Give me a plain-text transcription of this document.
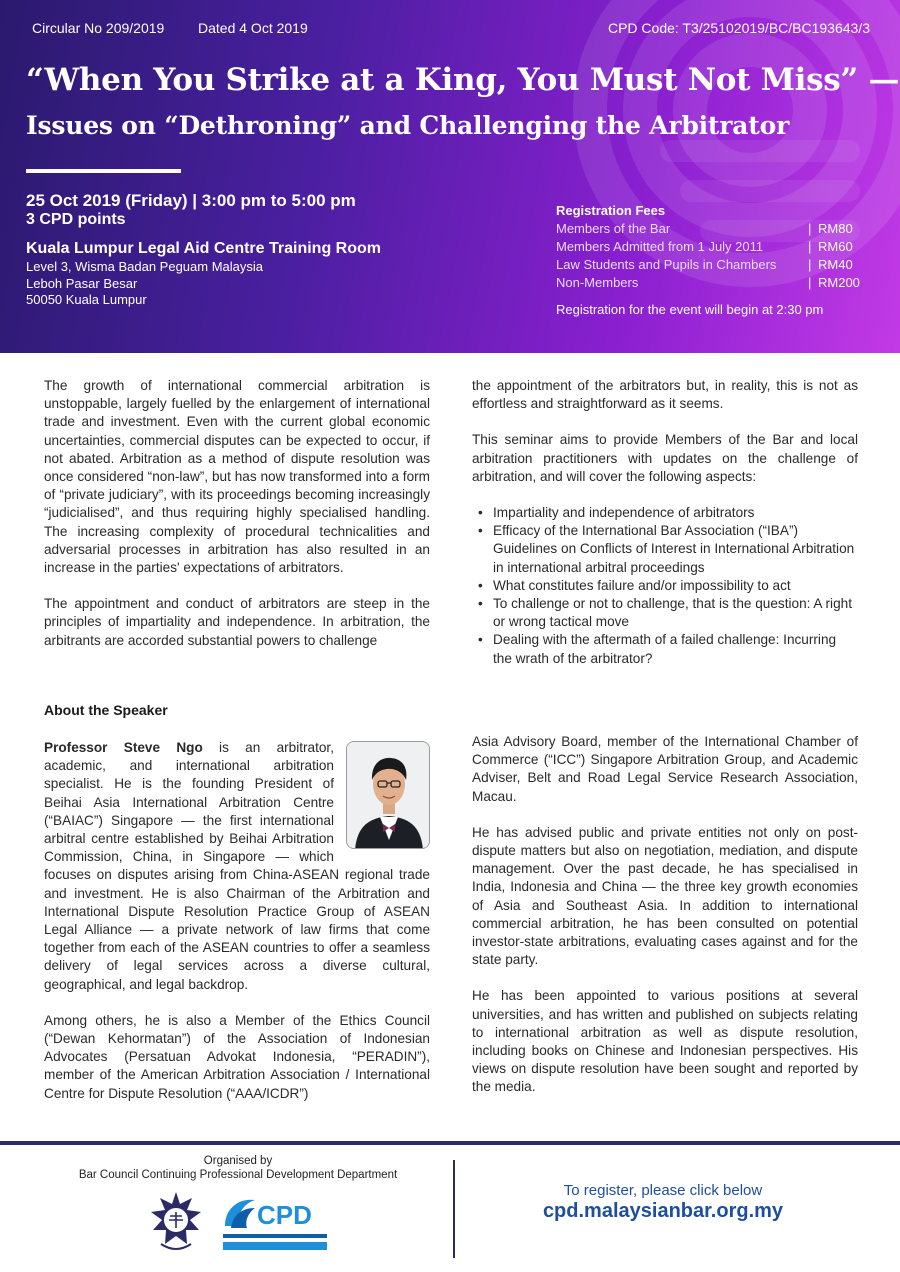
Circular No 209/2019 Dated 4 Oct 2019	CPD Code: T3/25102019/BC/BC193643/3
“When You Strike at a King, You Must Not Miss” —
Issues on “Dethroning” and Challenging the Arbitrator
25 Oct 2019 (Friday) | 3:00 pm to 5:00 pm
3 CPD points
Kuala Lumpur Legal Aid Centre Training Room
Level 3, Wisma Badan Peguam Malaysia
Leboh Pasar Besar
50050 Kuala Lumpur
Registration Fees
Members of the Bar	| RM80
Members Admitted from 1 July 2011	| RM60
Law Students and Pupils in Chambers | RM40
Non-Members	| RM200
Registration for the event will begin at 2:30 pm

The growth of international commercial arbitration is unstoppable, largely fuelled by the enlargement of international trade and investment. Even with the current global economic uncertainties, commercial disputes can be expected to occur, if not abated. Arbitration as a method of dispute resolution was once considered “non-law”, but has now transformed into a form of “private judiciary”, with its proceedings becoming increasingly “judicialised”, and thus requiring highly specialised handling. The increasing complexity of procedural technicalities and adversarial processes in arbitration has also resulted in an increase in the parties' expectations of arbitrators.

The appointment and conduct of arbitrators are steep in the principles of impartiality and independence. In arbitration, the arbitrants are accorded substantial powers to challenge

the appointment of the arbitrators but, in reality, this is not as effortless and straightforward as it seems.

This seminar aims to provide Members of the Bar and local arbitration practitioners with updates on the challenge of arbitration, and will cover the following aspects:

• Impartiality and independence of arbitrators
• Efficacy of the International Bar Association (“IBA”) Guidelines on Conflicts of Interest in International Arbitration in international arbitral proceedings
• What constitutes failure and/or impossibility to act
• To challenge or not to challenge, that is the question: A right or wrong tactical move
• Dealing with the aftermath of a failed challenge: Incurring the wrath of the arbitrator?
About the Speaker

Professor Steve Ngo is an arbitrator, academic, and international arbitration specialist. He is the founding President of Beihai Asia International Arbitration Centre (“BAIAC”) Singapore — the first international arbitral centre established by Beihai Arbitration Commission, China, in Singapore — which focuses on disputes arising from China-ASEAN regional trade and investment. He is also Chairman of the Arbitration and International Dispute Resolution Practice Group of ASEAN Legal Alliance — a private network of law firms that come together from each of the ASEAN countries to offer a seamless delivery of legal services across a diverse cultural, geographical, and legal backdrop.

Among others, he is also a Member of the Ethics Council (“Dewan Kehormatan”) of the Association of Indonesian Advocates (Persatuan Advokat Indonesia, “PERADIN”), member of the American Arbitration Association / International Centre for Dispute Resolution (“AAA/ICDR”)

Asia Advisory Board, member of the International Chamber of Commerce (“ICC”) Singapore Arbitration Group, and Academic Adviser, Belt and Road Legal Service Research Association, Macau.

He has advised public and private entities not only on post-dispute matters but also on negotiation, mediation, and dispute management. Over the past decade, he has specialised in India, Indonesia and China — the three key growth economies of Asia and Southeast Asia. In addition to international commercial arbitration, he has been consulted on potential investor-state arbitrations, evaluating cases against and for the state party.

He has been appointed to various positions at several universities, and has written and published on subjects relating to international arbitration as well as dispute resolution, including books on Chinese and Indonesian perspectives. His views on dispute resolution have been sought and reported by the media.

Organised by
Bar Council Continuing Professional Development Department
CPD
To register, please click below
cpd.malaysianbar.org.my
